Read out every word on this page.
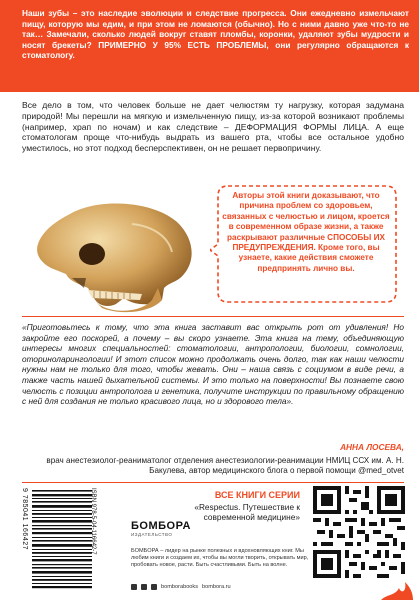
Наши зубы – это наследие эволюции и следствие прогресса. Они ежедневно измельчают пищу, которую мы едим, и при этом не ломаются (обычно). Но с ними давно уже что-то не так… Замечали, сколько людей вокруг ставят пломбы, коронки, удаляют зубы мудрости и носят брекеты? ПРИМЕРНО У 95% ЕСТЬ ПРОБЛЕМЫ, они регулярно обращаются к стоматологу.

Все дело в том, что человек больше не дает челюстям ту нагрузку, которая задумана природой! Мы перешли на мягкую и измельченную пищу, из-за которой возникают проблемы (например, храп по ночам) и как следствие – ДЕФОРМАЦИЯ ФОРМЫ ЛИЦА. А еще стоматологам проще что-нибудь выдрать из вашего рта, чтобы все остальное удобно уместилось, но этот подход бесперспективен, он не решает первопричину.
Авторы этой книги доказывают, что причина проблем со здоровьем, связанных с челюстью и лицом, кроется в современном образе жизни, а также раскрывают различные СПОСОБЫ ИХ ПРЕДУПРЕЖДЕНИЯ. Кроме того, вы узнаете, какие действия сможете предпринять лично вы.
«Приготовьтесь к тому, что эта книга заставит вас открыть рот от удивления! Но закройте его поскорей, а почему – вы скоро узнаете. Эта книга на тему, объединяющую интересы многих специальностей: стоматологии, антропологии, биологии, сомнологии, оториноларингологии! И этот список можно продолжать очень долго, так как наши челюсти нужны нам не только для того, чтобы жевать. Они – наша связь с социумом в виде речи, а также часть нашей дыхательной системы. И это только на поверхности! Вы познаете свою челюсть с позиции антрополога и генетика, получите инструкции по правильному обращению с ней для создания не только красивого лица, но и здорового тела».
АННА ЛОСЕВА,
врач анестезиолог-реаниматолог отделения анестезиологии-реанимации НМИЦ ССХ им. А. Н. Бакулева, автор медицинского блога о первой помощи @med_otvet
ISBN 978-5-04-116642-7
9 785041 166427	ВСЕ КНИГИ СЕРИИ
«Respectus. Путешествие к современной медицине»
БОМБОРА
ИЗДАТЕЛЬСТВО
БОМБОРА – лидер на рынке полезных и вдохновляющих книг. Мы любим книги и создаем их, чтобы вы могли творить, открывать мир, пробовать новое, расти. Быть счастливыми. Быть на волне.
bomborabooks bombora.ru
